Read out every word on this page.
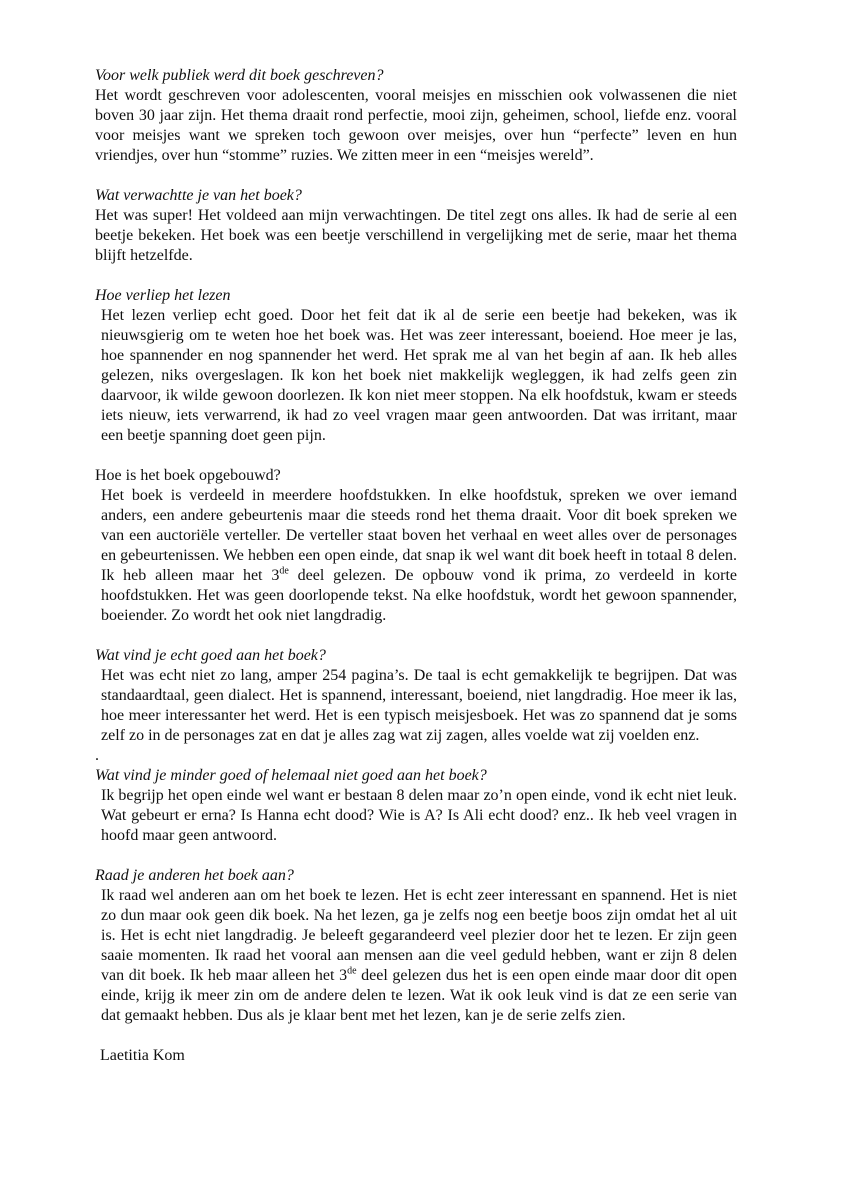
Voor welk publiek werd dit boek geschreven?

Het wordt geschreven voor adolescenten, vooral meisjes en misschien ook volwassenen die niet boven 30 jaar zijn. Het thema draait rond perfectie, mooi zijn, geheimen, school, liefde enz. vooral voor meisjes want we spreken toch gewoon over meisjes, over hun “perfecte” leven en hun vriendjes, over hun “stomme” ruzies. We zitten meer in een “meisjes wereld”.

Wat verwachtte je van het boek?

Het was super! Het voldeed aan mijn verwachtingen. De titel zegt ons alles. Ik had de serie al een beetje bekeken. Het boek was een beetje verschillend in vergelijking met de serie, maar het thema blijft hetzelfde.

Hoe verliep het lezen

Het lezen verliep echt goed. Door het feit dat ik al de serie een beetje had bekeken, was ik nieuwsgierig om te weten hoe het boek was. Het was zeer interessant, boeiend. Hoe meer je las, hoe spannender en nog spannender het werd. Het sprak me al van het begin af aan. Ik heb alles gelezen, niks overgeslagen. Ik kon het boek niet makkelijk wegleggen, ik had zelfs geen zin daarvoor, ik wilde gewoon doorlezen. Ik kon niet meer stoppen. Na elk hoofdstuk, kwam er steeds iets nieuw, iets verwarrend, ik had zo veel vragen maar geen antwoorden. Dat was irritant, maar een beetje spanning doet geen pijn.

Hoe is het boek opgebouwd?

Het boek is verdeeld in meerdere hoofdstukken. In elke hoofdstuk, spreken we over iemand anders, een andere gebeurtenis maar die steeds rond het thema draait. Voor dit boek spreken we van een auctoriële verteller. De verteller staat boven het verhaal en weet alles over de personages en gebeurtenissen. We hebben een open einde, dat snap ik wel want dit boek heeft in totaal 8 delen. Ik heb alleen maar het 3de deel gelezen. De opbouw vond ik prima, zo verdeeld in korte hoofdstukken. Het was geen doorlopende tekst. Na elke hoofdstuk, wordt het gewoon spannender, boeiender. Zo wordt het ook niet langdradig.

Wat vind je echt goed aan het boek?

Het was echt niet zo lang, amper 254 pagina’s. De taal is echt gemakkelijk te begrijpen. Dat was standaardtaal, geen dialect. Het is spannend, interessant, boeiend, niet langdradig. Hoe meer ik las, hoe meer interessanter het werd. Het is een typisch meisjesboek. Het was zo spannend dat je soms zelf zo in de personages zat en dat je alles zag wat zij zagen, alles voelde wat zij voelden enz.

.

Wat vind je minder goed of helemaal niet goed aan het boek?

Ik begrijp het open einde wel want er bestaan 8 delen maar zo’n open einde, vond ik echt niet leuk. Wat gebeurt er erna? Is Hanna echt dood? Wie is A? Is Ali echt dood? enz.. Ik heb veel vragen in hoofd maar geen antwoord.

Raad je anderen het boek aan?

Ik raad wel anderen aan om het boek te lezen. Het is echt zeer interessant en spannend. Het is niet zo dun maar ook geen dik boek. Na het lezen, ga je zelfs nog een beetje boos zijn omdat het al uit is. Het is echt niet langdradig. Je beleeft gegarandeerd veel plezier door het te lezen. Er zijn geen saaie momenten. Ik raad het vooral aan mensen aan die veel geduld hebben, want er zijn 8 delen van dit boek. Ik heb maar alleen het 3de deel gelezen dus het is een open einde maar door dit open einde, krijg ik meer zin om de andere delen te lezen. Wat ik ook leuk vind is dat ze een serie van dat gemaakt hebben. Dus als je klaar bent met het lezen, kan je de serie zelfs zien.

Laetitia Kom
